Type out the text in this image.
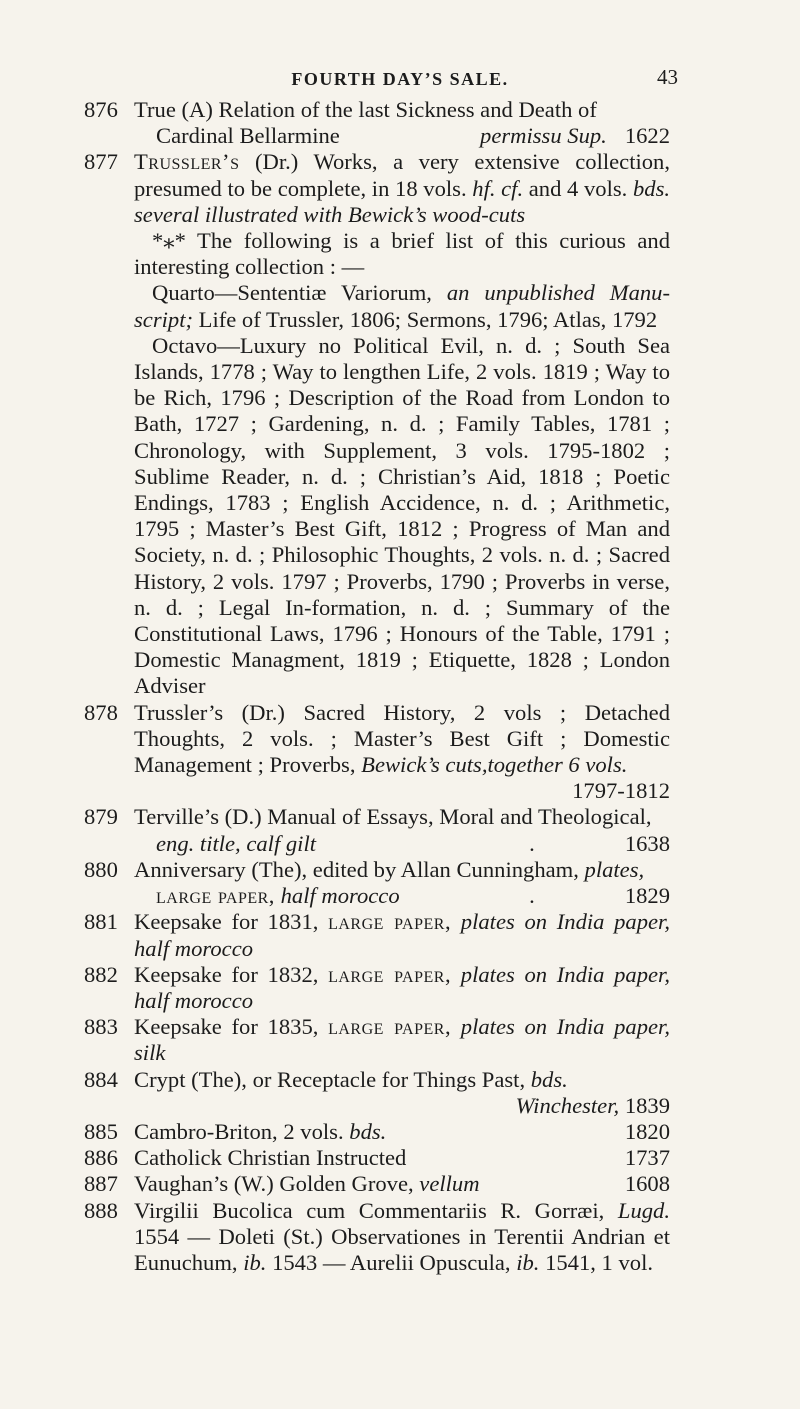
FOURTH DAY’S SALE.	43
876 True (A) Relation of the last Sickness and Death of
Cardinal Bellarmine	permissu Sup. 1622
877 Trussler’s (Dr.) Works, a very extensive collection, presumed to be complete, in 18 vols. hf. cf. and 4 vols. bds. several illustrated with Bewick’s wood-cuts
*⁎* The following is a brief list of this curious and interesting collection : —
Quarto—Sententiæ Variorum, an unpublished Manu-script; Life of Trussler, 1806; Sermons, 1796; Atlas, 1792
Octavo—Luxury no Political Evil, n. d. ; South Sea Islands, 1778 ; Way to lengthen Life, 2 vols. 1819 ; Way to be Rich, 1796 ; Description of the Road from London to Bath, 1727 ; Gardening, n. d. ; Family Tables, 1781 ; Chronology, with Supplement, 3 vols. 1795-1802 ; Sublime Reader, n. d. ; Christian’s Aid, 1818 ; Poetic Endings, 1783 ; English Accidence, n. d. ; Arithmetic, 1795 ; Master’s Best Gift, 1812 ; Progress of Man and Society, n. d. ; Philosophic Thoughts, 2 vols. n. d. ; Sacred History, 2 vols. 1797 ; Proverbs, 1790 ; Proverbs in verse, n. d. ; Legal In-formation, n. d. ; Summary of the Constitutional Laws, 1796 ; Honours of the Table, 1791 ; Domestic Managment, 1819 ; Etiquette, 1828 ; London Adviser
878 Trussler’s (Dr.) Sacred History, 2 vols ; Detached Thoughts, 2 vols. ; Master’s Best Gift ; Domestic Management ; Proverbs, Bewick’s cuts,together 6 vols.
1797-1812
879 Terville’s (D.) Manual of Essays, Moral and Theological,
eng. title, calf gilt	.	1638
880 Anniversary (The), edited by Allan Cunningham, plates,
large paper, half morocco	.	1829
881 Keepsake for 1831, large paper, plates on India paper, half morocco
882 Keepsake for 1832, large paper, plates on India paper, half morocco
883 Keepsake for 1835, large paper, plates on India paper, silk
884 Crypt (The), or Receptacle for Things Past, bds.
Winchester, 1839
885 Cambro-Briton, 2 vols. bds.	1820
886 Catholick Christian Instructed	1737
887 Vaughan’s (W.) Golden Grove, vellum	1608
888 Virgilii Bucolica cum Commentariis R. Gorræi, Lugd. 1554 — Doleti (St.) Observationes in Terentii Andrian et Eunuchum, ib. 1543 — Aurelii Opuscula, ib. 1541, 1 vol.
